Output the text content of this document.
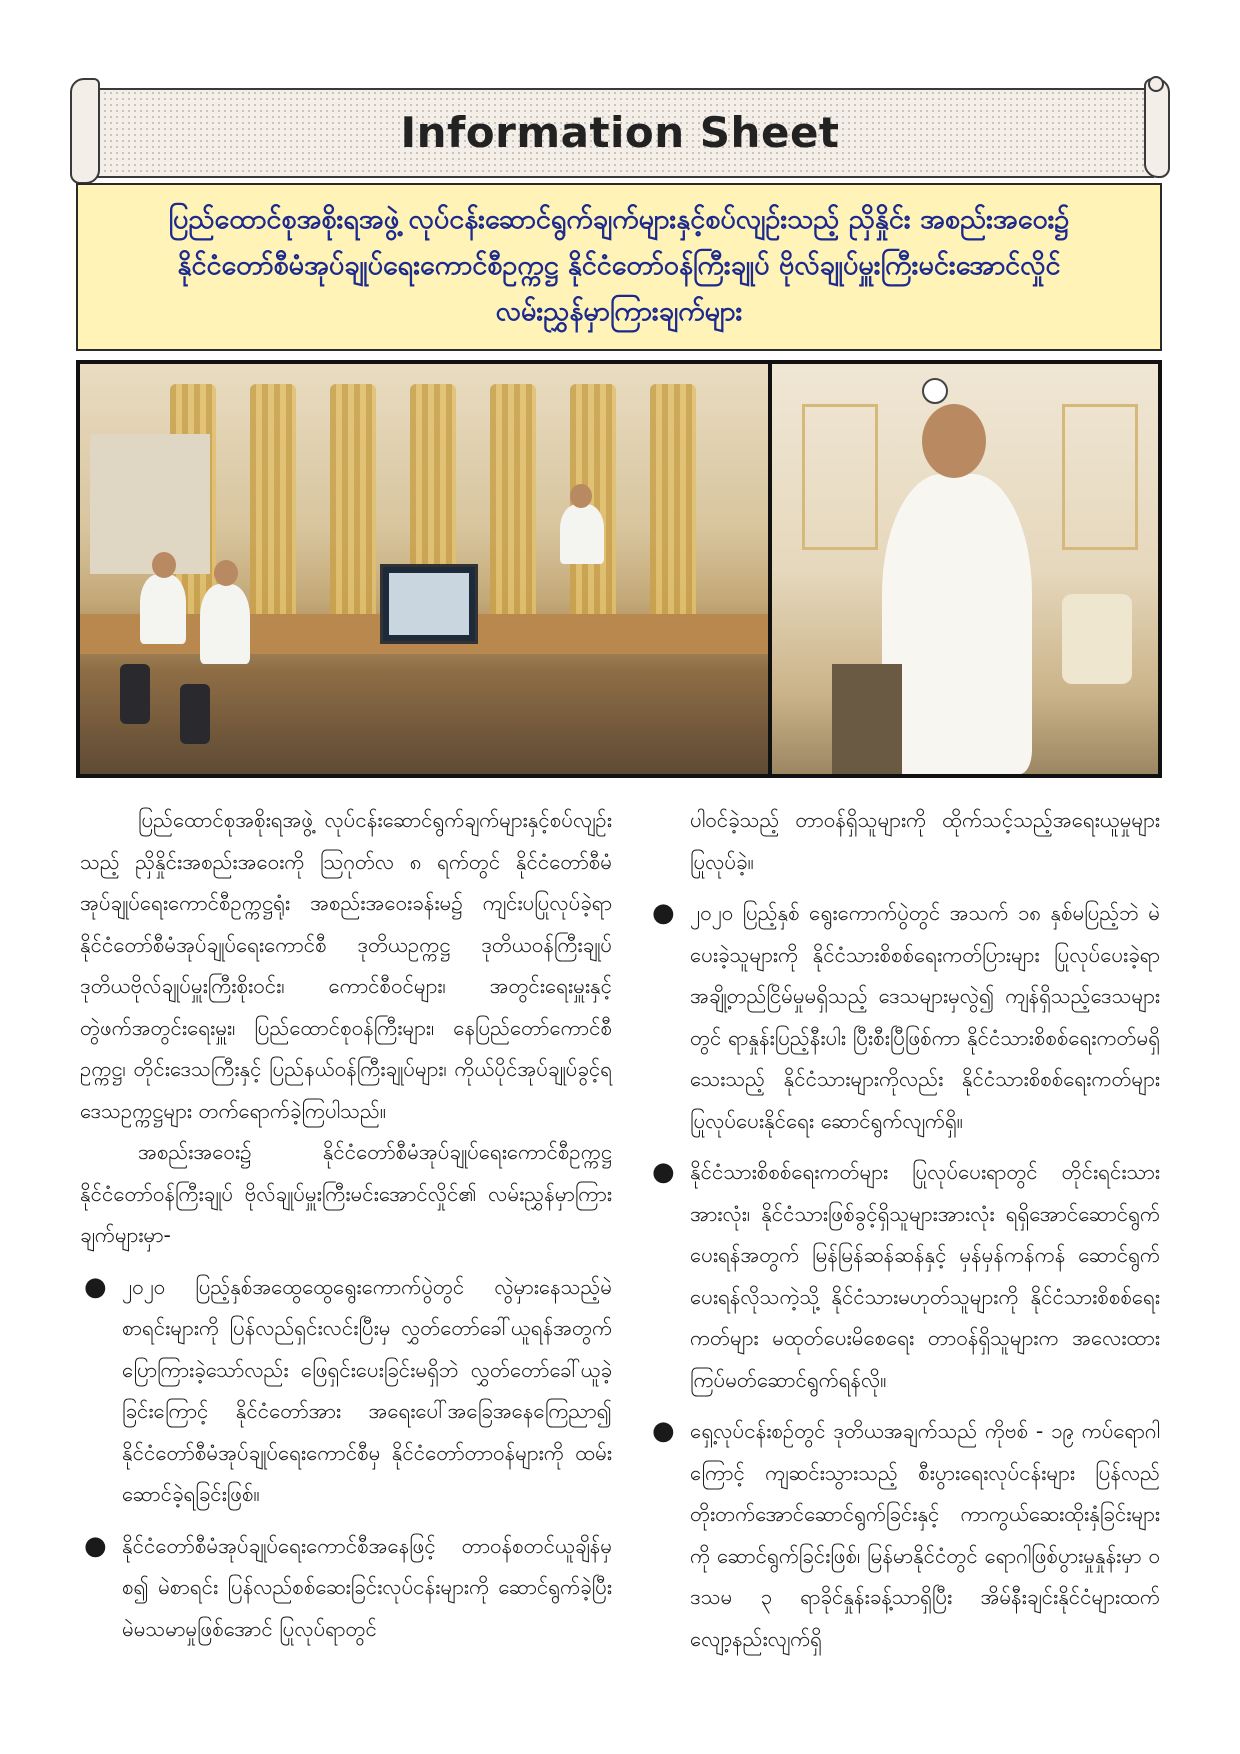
Information Sheet
ပြည်ထောင်စုအစိုးရအဖွဲ့ လုပ်ငန်းဆောင်ရွက်ချက်များနှင့်စပ်လျဉ်းသည့် ညှိနှိုင်း အစည်းအဝေး၌
နိုင်ငံတော်စီမံအုပ်ချုပ်ရေးကောင်စီဥက္ကဋ္ဌ နိုင်ငံတော်ဝန်ကြီးချုပ် ဗိုလ်ချုပ်မှူးကြီးမင်းအောင်လှိုင်
လမ်းညွှန်မှာကြားချက်များ

ပြည်ထောင်စုအစိုးရအဖွဲ့ လုပ်ငန်းဆောင်ရွက်ချက်များနှင့်စပ်လျဉ်းသည့် ညှိနှိုင်းအစည်းအဝေးကို ဩဂုတ်လ ၈ ရက်တွင် နိုင်ငံတော်စီမံအုပ်ချုပ်ရေးကောင်စီဥက္ကဋ္ဌရုံး အစည်းအဝေးခန်းမ၌ ကျင်းပပြုလုပ်ခဲ့ရာ နိုင်ငံတော်စီမံအုပ်ချုပ်ရေးကောင်စီ ဒုတိယဥက္ကဋ္ဌ ဒုတိယဝန်ကြီးချုပ် ဒုတိယဗိုလ်ချုပ်မှူးကြီးစိုးဝင်း၊ ကောင်စီဝင်များ၊ အတွင်းရေးမှူးနှင့် တွဲဖက်အတွင်းရေးမှူး၊ ပြည်ထောင်စုဝန်ကြီးများ၊ နေပြည်တော်ကောင်စီဥက္ကဋ္ဌ၊ တိုင်းဒေသကြီးနှင့် ပြည်နယ်ဝန်ကြီးချုပ်များ၊ ကိုယ်ပိုင်အုပ်ချုပ်ခွင့်ရဒေသဥက္ကဋ္ဌများ တက်ရောက်ခဲ့ကြပါသည်။

အစည်းအဝေး၌ နိုင်ငံတော်စီမံအုပ်ချုပ်ရေးကောင်စီဥက္ကဋ္ဌ နိုင်ငံတော်ဝန်ကြီးချုပ် ဗိုလ်ချုပ်မှူးကြီးမင်းအောင်လှိုင်၏ လမ်းညွှန်မှာကြားချက်များမှာ-

● ၂၀၂၀ ပြည့်နှစ်အထွေထွေရွေးကောက်ပွဲတွင် လွဲမှားနေသည့်မဲစာရင်းများကို ပြန်လည်ရှင်းလင်းပြီးမှ လွှတ်တော်ခေါ်ယူရန်အတွက် ပြောကြားခဲ့သော်လည်း ဖြေရှင်းပေးခြင်းမရှိဘဲ လွှတ်တော်ခေါ်ယူခဲ့ခြင်းကြောင့် နိုင်ငံတော်အား အရေးပေါ်အခြေအနေကြေညာ၍ နိုင်ငံတော်စီမံအုပ်ချုပ်ရေးကောင်စီမှ နိုင်ငံတော်တာဝန်များကို ထမ်းဆောင်ခဲ့ရခြင်းဖြစ်။
● နိုင်ငံတော်စီမံအုပ်ချုပ်ရေးကောင်စီအနေဖြင့် တာဝန်စတင်ယူချိန်မှစ၍ မဲစာရင်း ပြန်လည်စစ်ဆေးခြင်းလုပ်ငန်းများကို ဆောင်ရွက်ခဲ့ပြီး မဲမသမာမှုဖြစ်အောင် ပြုလုပ်ရာတွင်
ပါဝင်ခဲ့သည့် တာဝန်ရှိသူများကို ထိုက်သင့်သည့်အရေးယူမှုများ ပြုလုပ်ခဲ့။
● ၂၀၂၀ ပြည့်နှစ် ရွေးကောက်ပွဲတွင် အသက် ၁၈ နှစ်မပြည့်ဘဲ မဲပေးခဲ့သူများကို နိုင်ငံသားစိစစ်ရေးကတ်ပြားများ ပြုလုပ်ပေးခဲ့ရာ အချို့တည်ငြိမ်မှုမရှိသည့် ဒေသများမှလွဲ၍ ကျန်ရှိသည့်ဒေသများတွင် ရာနှုန်းပြည့်နီးပါး ပြီးစီးပြီဖြစ်ကာ နိုင်ငံသားစိစစ်ရေးကတ်မရှိသေးသည့် နိုင်ငံသားများကိုလည်း နိုင်ငံသားစိစစ်ရေးကတ်များ ပြုလုပ်ပေးနိုင်ရေး ဆောင်ရွက်လျက်ရှိ။
● နိုင်ငံသားစိစစ်ရေးကတ်များ ပြုလုပ်ပေးရာတွင် တိုင်းရင်းသားအားလုံး၊ နိုင်ငံသားဖြစ်ခွင့်ရှိသူများအားလုံး ရရှိအောင်ဆောင်ရွက်ပေးရန်အတွက် မြန်မြန်ဆန်ဆန်နှင့် မှန်မှန်ကန်ကန် ဆောင်ရွက်ပေးရန်လိုသကဲ့သို့ နိုင်ငံသားမဟုတ်သူများကို နိုင်ငံသားစိစစ်ရေးကတ်များ မထုတ်ပေးမိစေရေး တာဝန်ရှိသူများက အလေးထားကြပ်မတ်ဆောင်ရွက်ရန်လို။
● ရှေ့လုပ်ငန်းစဉ်တွင် ဒုတိယအချက်သည် ကိုဗစ် - ၁၉ ကပ်ရောဂါကြောင့် ကျဆင်းသွားသည့် စီးပွားရေးလုပ်ငန်းများ ပြန်လည်တိုးတက်အောင်ဆောင်ရွက်ခြင်းနှင့် ကာကွယ်ဆေးထိုးနှံခြင်းများကို ဆောင်ရွက်ခြင်းဖြစ်၊ မြန်မာနိုင်ငံတွင် ရောဂါဖြစ်ပွားမှုနှုန်းမှာ ၀ ဒသမ ၃ ရာခိုင်နှုန်းခန့်သာရှိပြီး အိမ်နီးချင်းနိုင်ငံများထက် လျော့နည်းလျက်ရှိ
